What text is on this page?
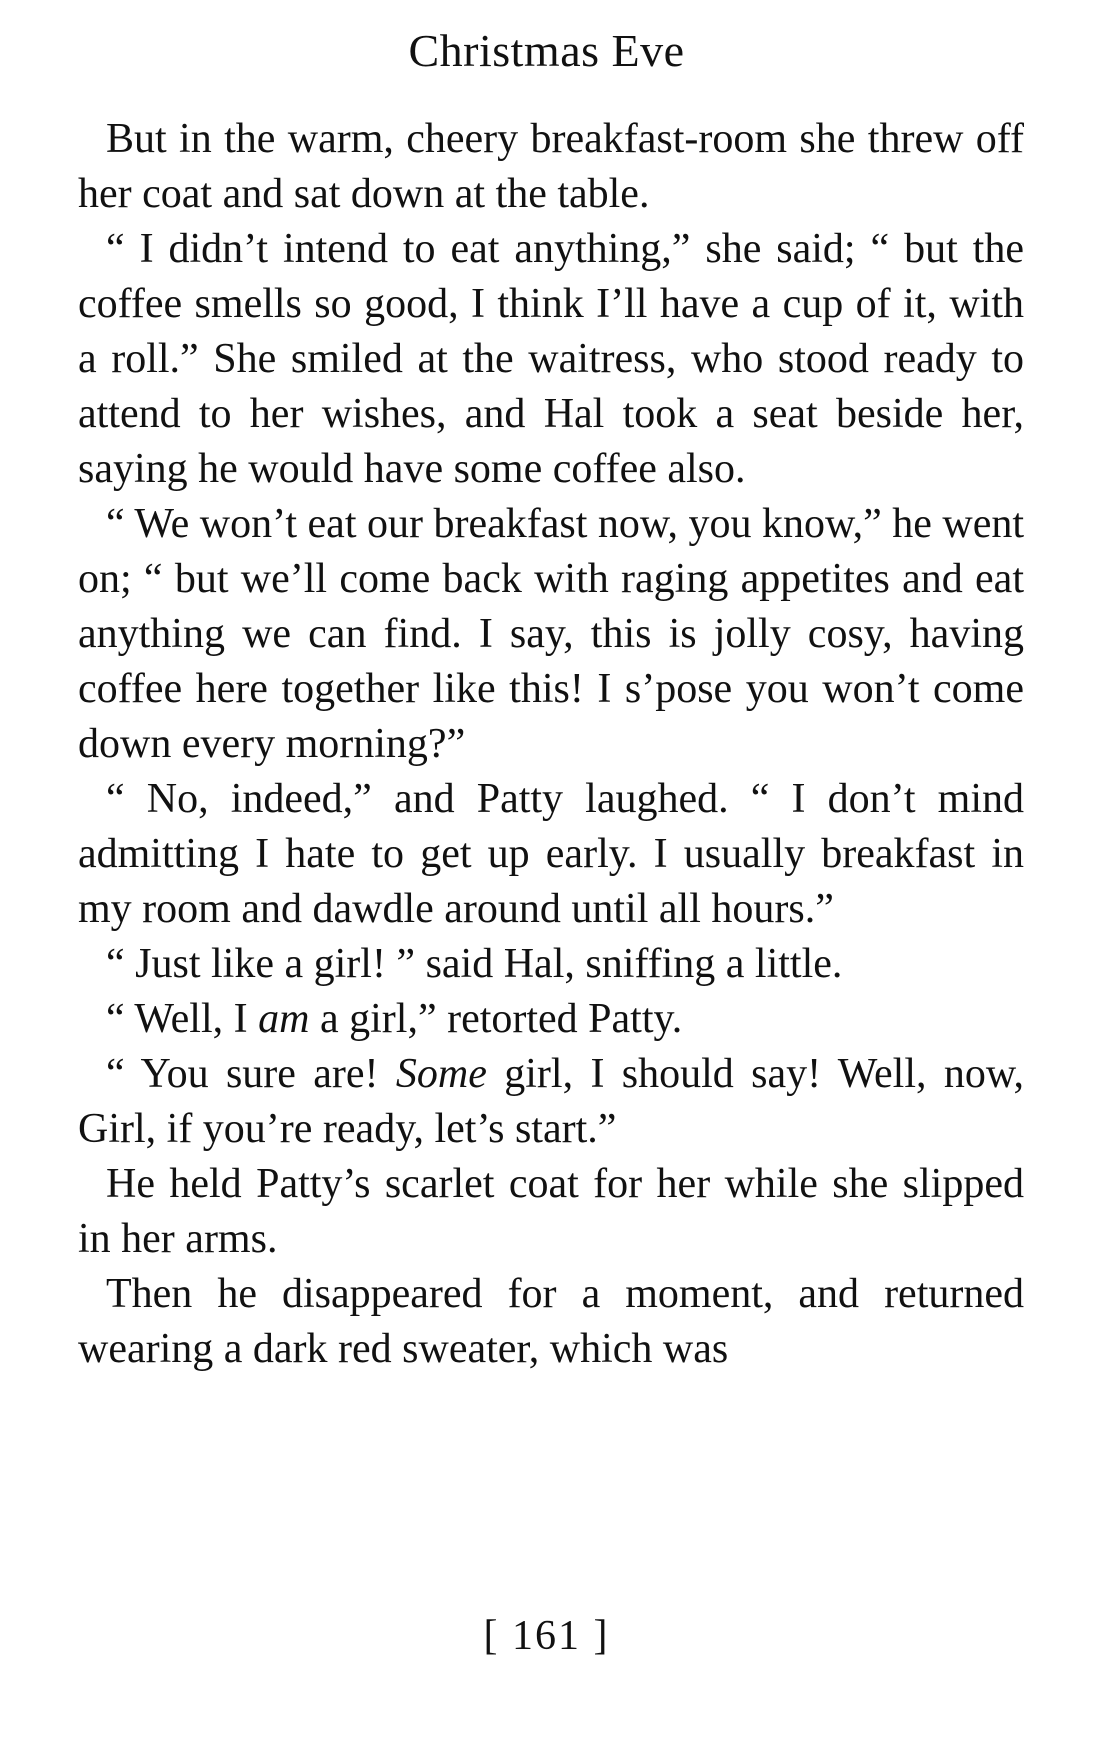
Christmas Eve

But in the warm, cheery breakfast-room she threw off her coat and sat down at the table.

“ I didn’t intend to eat anything,” she said; “ but the coffee smells so good, I think I’ll have a cup of it, with a roll.” She smiled at the waitress, who stood ready to attend to her wishes, and Hal took a seat beside her, saying he would have some coffee also.

“ We won’t eat our breakfast now, you know,” he went on; “ but we’ll come back with raging appetites and eat anything we can find. I say, this is jolly cosy, having coffee here together like this! I s’pose you won’t come down every morning?”

“ No, indeed,” and Patty laughed. “ I don’t mind admitting I hate to get up early. I usually breakfast in my room and dawdle around until all hours.”

“ Just like a girl! ” said Hal, sniffing a little.

“ Well, I am a girl,” retorted Patty.

“ You sure are! Some girl, I should say! Well, now, Girl, if you’re ready, let’s start.”

He held Patty’s scarlet coat for her while she slipped in her arms.

Then he disappeared for a moment, and returned wearing a dark red sweater, which was

[ 161 ]
